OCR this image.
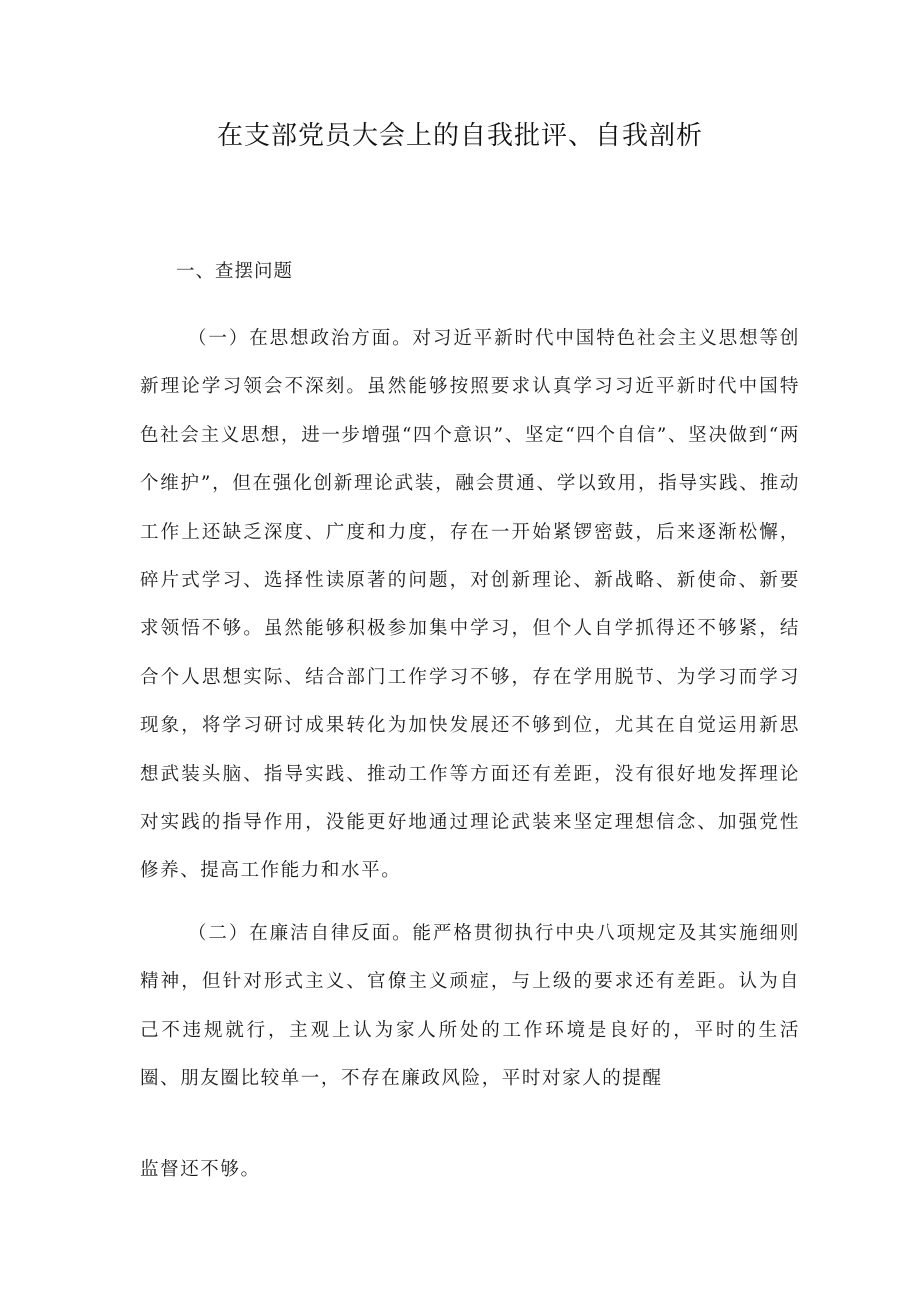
在支部党员大会上的自我批评、自我剖析
一、查摆问题

（一）在思想政治方面。对习近平新时代中国特色社会主义思想等创新理论学习领会不深刻。虽然能够按照要求认真学习习近平新时代中国特色社会主义思想，进一步增强“四个意识”、坚定“四个自信”、坚决做到“两个维护”，但在强化创新理论武装，融会贯通、学以致用，指导实践、推动工作上还缺乏深度、广度和力度，存在一开始紧锣密鼓，后来逐渐松懈，碎片式学习、选择性读原著的问题，对创新理论、新战略、新使命、新要求领悟不够。虽然能够积极参加集中学习，但个人自学抓得还不够紧，结合个人思想实际、结合部门工作学习不够，存在学用脱节、为学习而学习现象，将学习研讨成果转化为加快发展还不够到位，尤其在自觉运用新思想武装头脑、指导实践、推动工作等方面还有差距，没有很好地发挥理论对实践的指导作用，没能更好地通过理论武装来坚定理想信念、加强党性修养、提高工作能力和水平。

（二）在廉洁自律反面。能严格贯彻执行中央八项规定及其实施细则精神，但针对形式主义、官僚主义顽症，与上级的要求还有差距。认为自己不违规就行，主观上认为家人所处的工作环境是良好的，平时的生活圈、朋友圈比较单一，不存在廉政风险，平时对家人的提醒

监督还不够。
